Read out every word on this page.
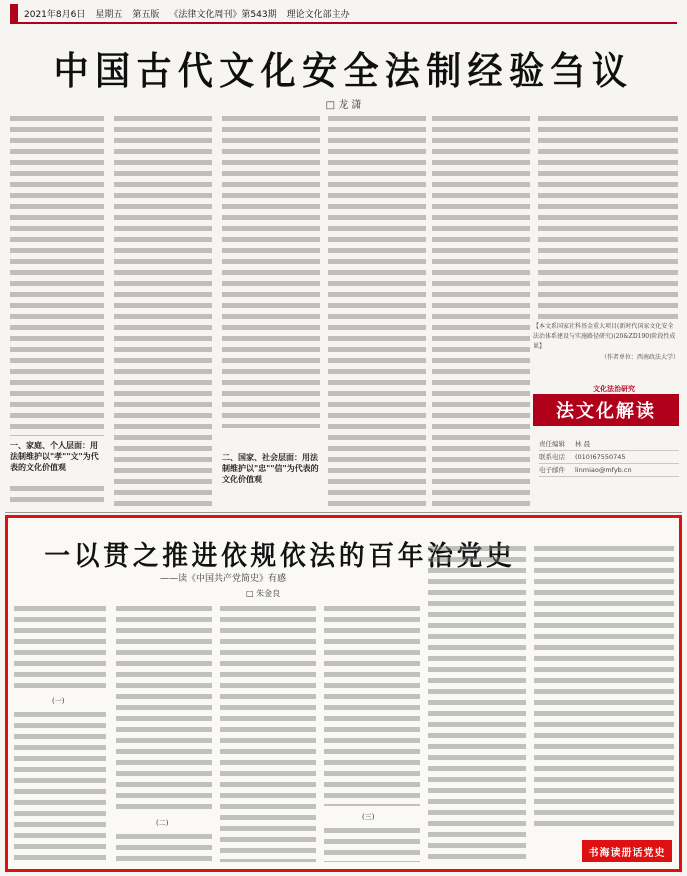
2021年8月6日 星期五 第五版 《法律文化周刊》第543期 理论文化部主办
中国古代文化安全法制经验刍议
□ 龙 潇
一、家庭、个人层面：用法制维护以"孝""文"为代表的文化价值观
二、国家、社会层面：用法制维护以"忠""信"为代表的文化价值观
【本文系国家社科基金重大项目(新时代国家文化安全法治体系建设与实施路径研究)(20&ZD190)阶段性成果】
文化法治研究
法文化解读
责任编辑 林 晨
联系电话 (010)67550745
电子邮件 linmiao@mfyb.cn
（作者单位：西南政法大学）
一以贯之推进依规依法的百年治党史
——读《中国共产党简史》有感
□ 朱金良
(一)
(二)
(三)
书海读册话党史
